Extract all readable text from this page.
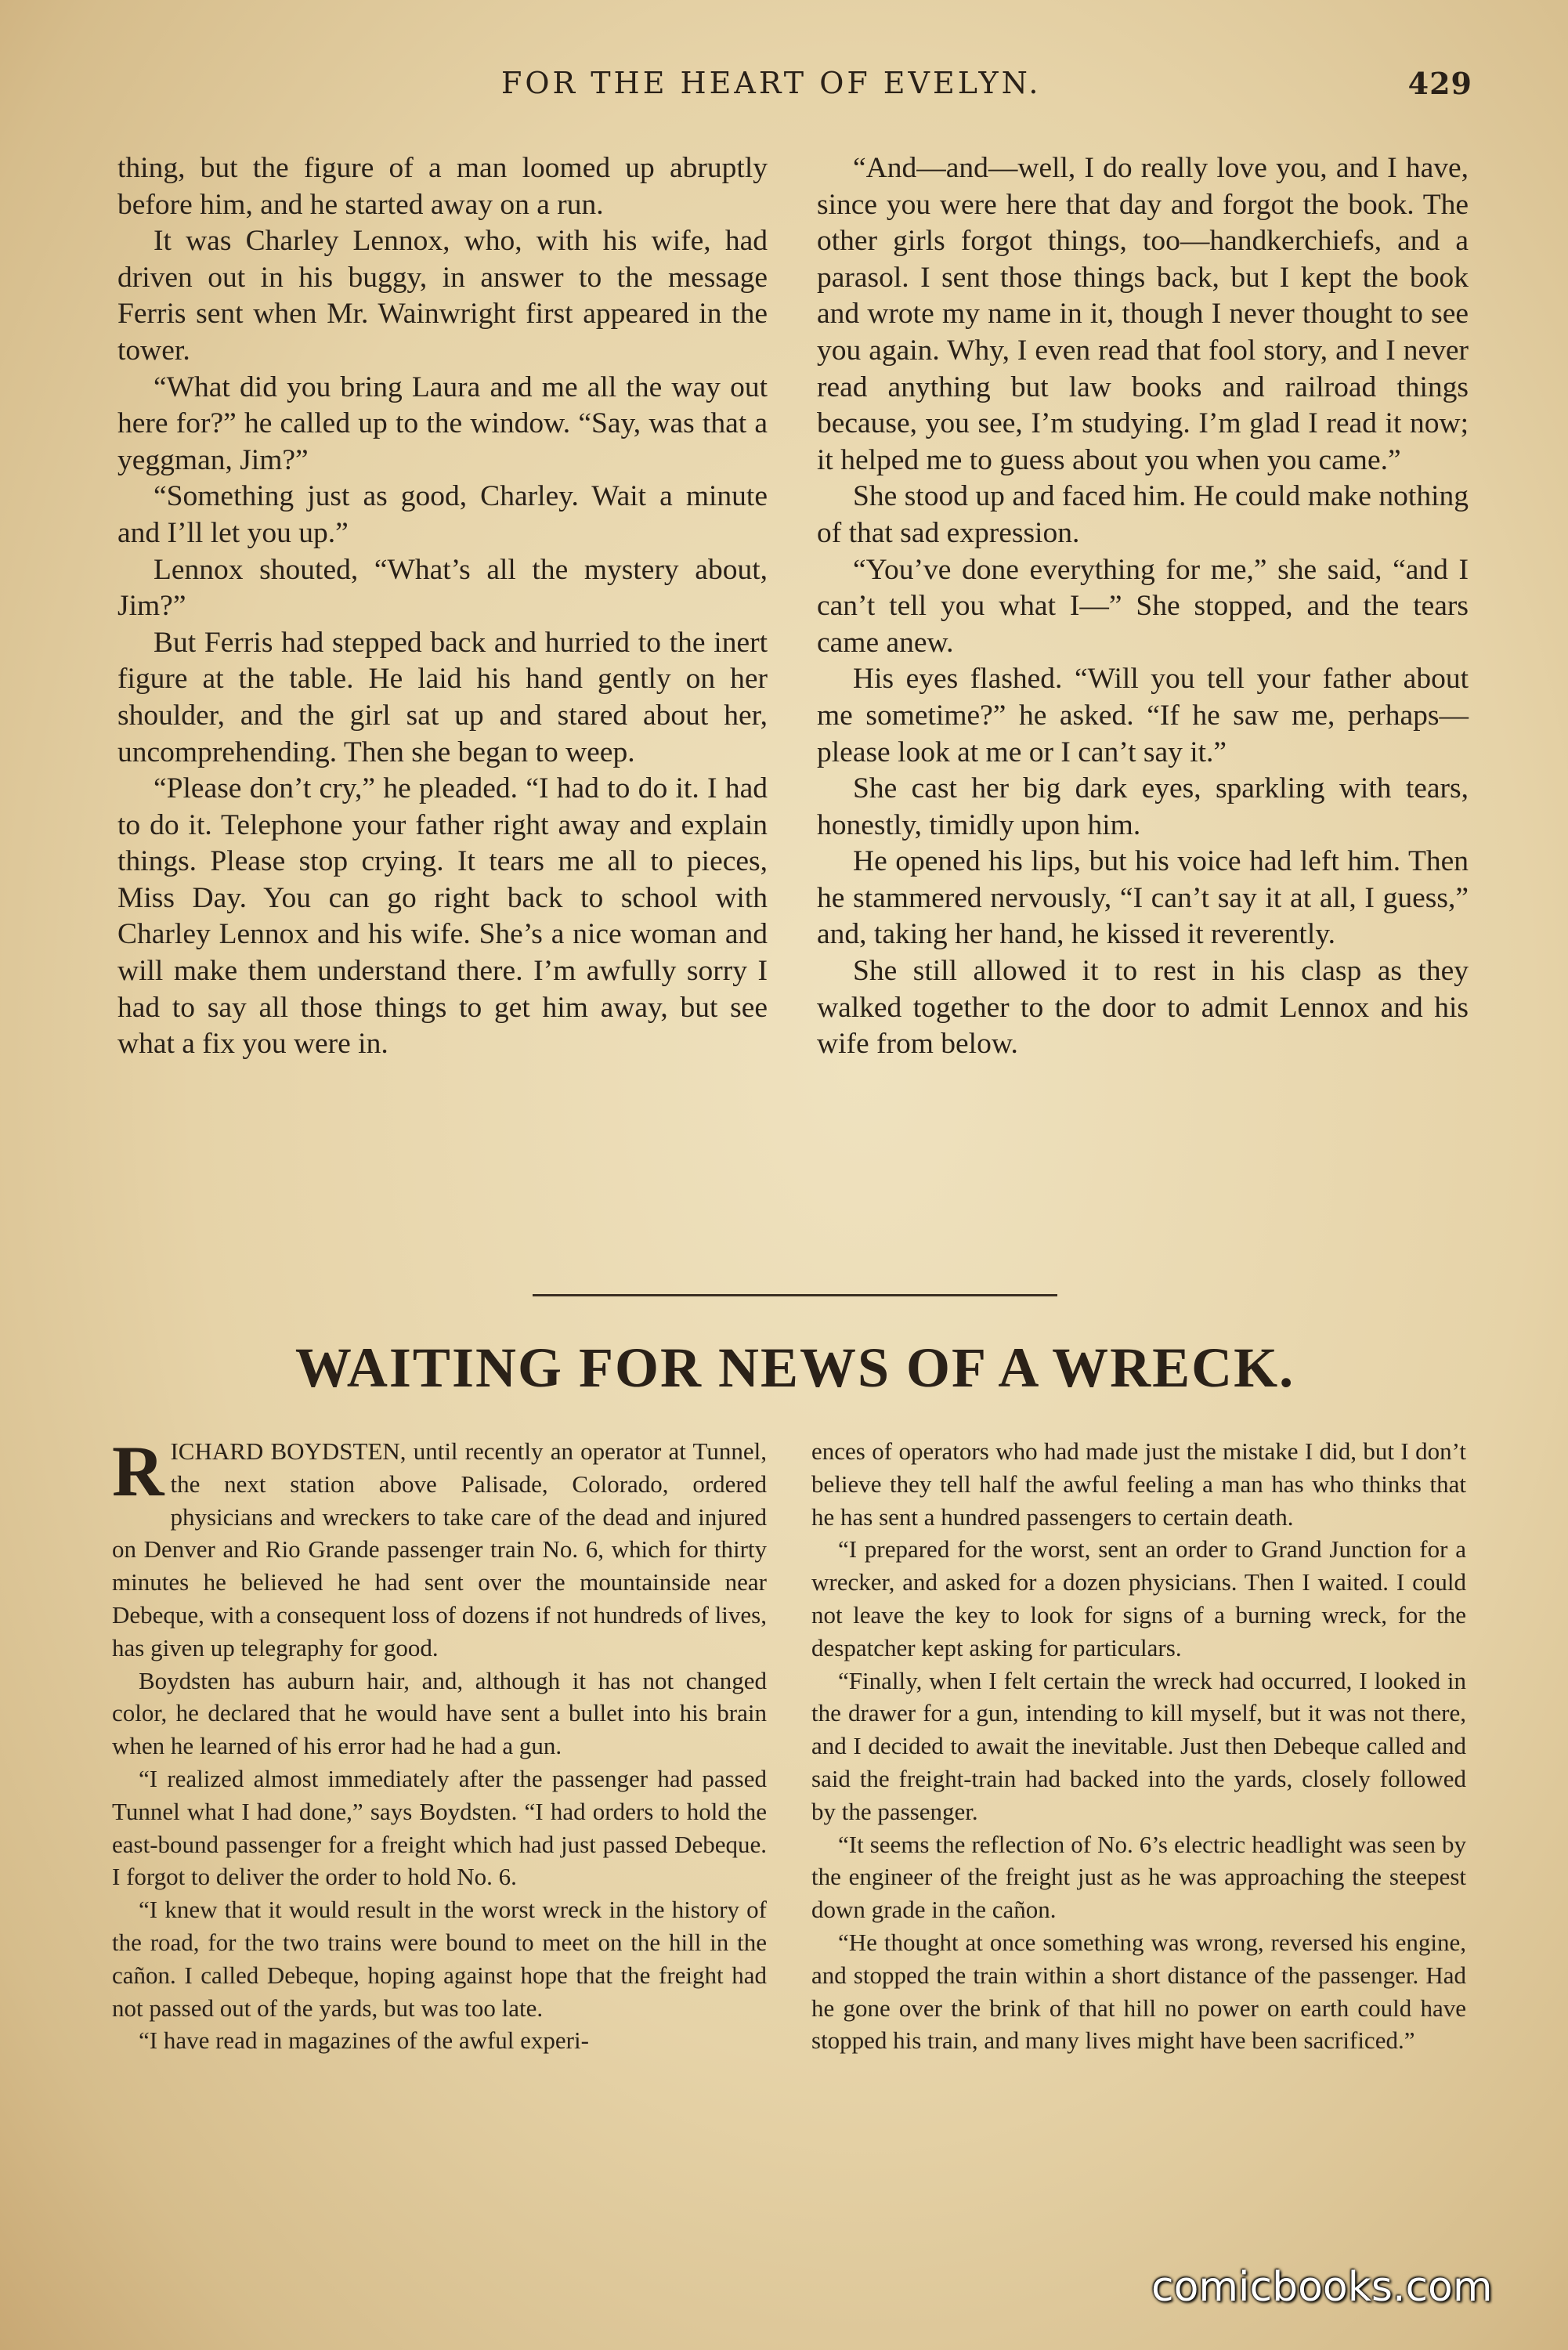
FOR THE HEART OF EVELYN.	429

thing, but the figure of a man loomed up abruptly before him, and he started away on a run.

It was Charley Lennox, who, with his wife, had driven out in his buggy, in answer to the message Ferris sent when Mr. Wainwright first appeared in the tower.

“What did you bring Laura and me all the way out here for?” he called up to the window. “Say, was that a yeggman, Jim?”

“Something just as good, Charley. Wait a minute and I’ll let you up.”

Lennox shouted, “What’s all the mystery about, Jim?”

But Ferris had stepped back and hurried to the inert figure at the table. He laid his hand gently on her shoulder, and the girl sat up and stared about her, uncomprehending. Then she began to weep.

“Please don’t cry,” he pleaded. “I had to do it. I had to do it. Telephone your father right away and explain things. Please stop crying. It tears me all to pieces, Miss Day. You can go right back to school with Charley Lennox and his wife. She’s a nice woman and will make them understand there. I’m awfully sorry I had to say all those things to get him away, but see what a fix you were in.

“And—and—well, I do really love you, and I have, since you were here that day and forgot the book. The other girls forgot things, too—handkerchiefs, and a parasol. I sent those things back, but I kept the book and wrote my name in it, though I never thought to see you again. Why, I even read that fool story, and I never read anything but law books and railroad things because, you see, I’m studying. I’m glad I read it now; it helped me to guess about you when you came.”

She stood up and faced him. He could make nothing of that sad expression.

“You’ve done everything for me,” she said, “and I can’t tell you what I—” She stopped, and the tears came anew.

His eyes flashed. “Will you tell your father about me sometime?” he asked. “If he saw me, perhaps—please look at me or I can’t say it.”

She cast her big dark eyes, sparkling with tears, honestly, timidly upon him.

He opened his lips, but his voice had left him. Then he stammered nervously, “I can’t say it at all, I guess,” and, taking her hand, he kissed it reverently.

She still allowed it to rest in his clasp as they walked together to the door to admit Lennox and his wife from below.

WAITING FOR NEWS OF A WRECK.

RICHARD BOYDSTEN, until recently an operator at Tunnel, the next station above Palisade, Colorado, ordered physicians and wreckers to take care of the dead and injured on Denver and Rio Grande passenger train No. 6, which for thirty minutes he believed he had sent over the mountainside near Debeque, with a consequent loss of dozens if not hundreds of lives, has given up telegraphy for good.

Boydsten has auburn hair, and, although it has not changed color, he declared that he would have sent a bullet into his brain when he learned of his error had he had a gun.

“I realized almost immediately after the passenger had passed Tunnel what I had done,” says Boydsten. “I had orders to hold the east-bound passenger for a freight which had just passed Debeque. I forgot to deliver the order to hold No. 6.

“I knew that it would result in the worst wreck in the history of the road, for the two trains were bound to meet on the hill in the cañon. I called Debeque, hoping against hope that the freight had not passed out of the yards, but was too late.

“I have read in magazines of the awful experi-

ences of operators who had made just the mistake I did, but I don’t believe they tell half the awful feeling a man has who thinks that he has sent a hundred passengers to certain death.

“I prepared for the worst, sent an order to Grand Junction for a wrecker, and asked for a dozen physicians. Then I waited. I could not leave the key to look for signs of a burning wreck, for the despatcher kept asking for particulars.

“Finally, when I felt certain the wreck had occurred, I looked in the drawer for a gun, intending to kill myself, but it was not there, and I decided to await the inevitable. Just then Debeque called and said the freight-train had backed into the yards, closely followed by the passenger.

“It seems the reflection of No. 6’s electric headlight was seen by the engineer of the freight just as he was approaching the steepest down grade in the cañon.

“He thought at once something was wrong, reversed his engine, and stopped the train within a short distance of the passenger. Had he gone over the brink of that hill no power on earth could have stopped his train, and many lives might have been sacrificed.”

comicbooks.com
